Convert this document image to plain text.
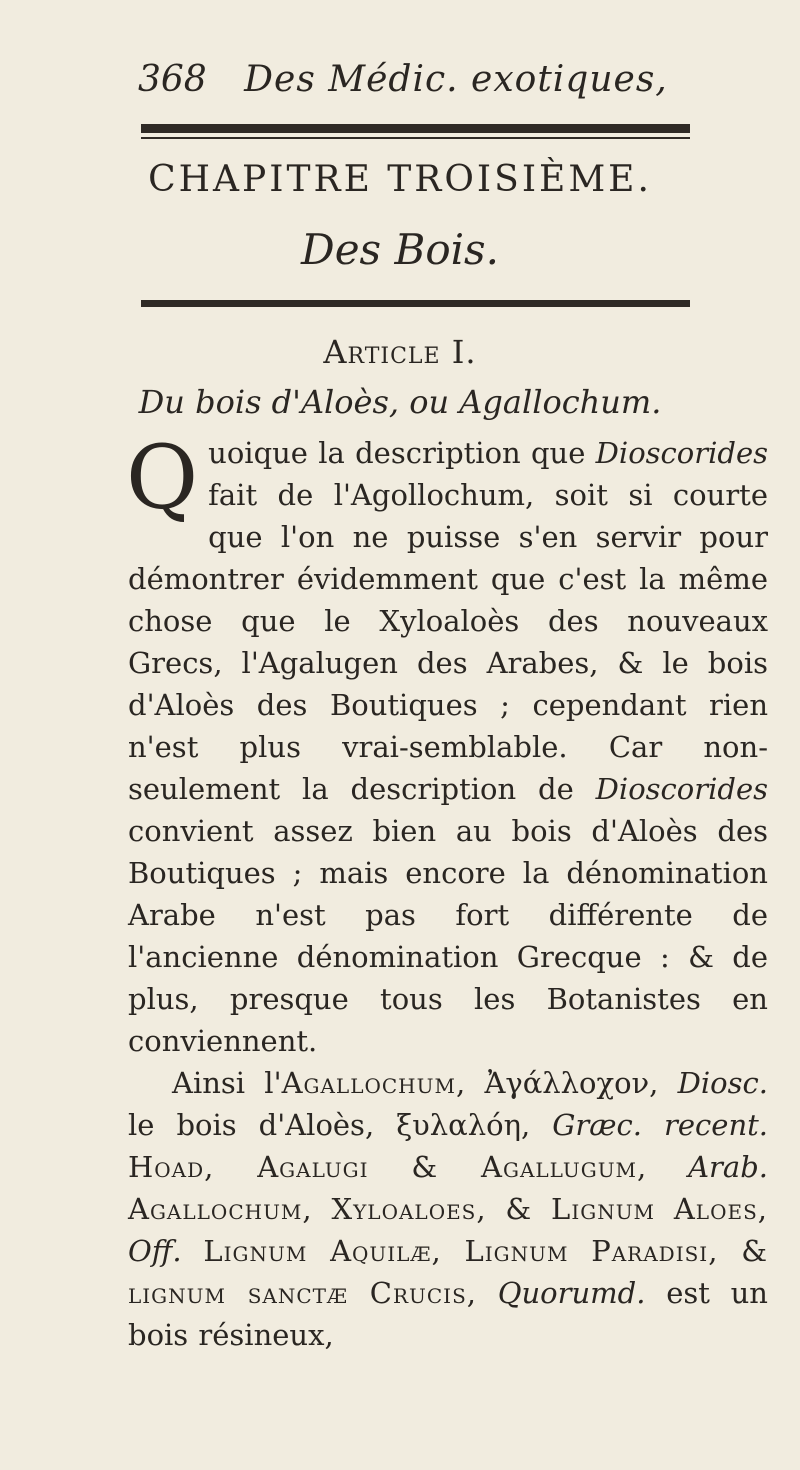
368 Des Médic. exotiques,
CHAPITRE TROISIÈME.
Des Bois.
Article I.
Du bois d'Aloès, ou Agallochum.

Quoique la description que Dioscorides fait de l'Agollochum, soit si courte que l'on ne puisse s'en servir pour démontrer évidemment que c'est la même chose que le Xyloaloès des nouveaux Grecs, l'Agalugen des Arabes, & le bois d'Aloès des Boutiques ; cependant rien n'est plus vrai-semblable. Car non-seulement la description de Dioscorides convient assez bien au bois d'Aloès des Boutiques ; mais encore la dénomination Arabe n'est pas fort différente de l'ancienne dénomination Grecque : & de plus, presque tous les Botanistes en conviennent.

Ainsi l'Agallochum, Ἀγάλλοχον, Diosc. le bois d'Aloès, ξυλαλόη, Græc. recent. Hoad, Agalugi & Agallugum, Arab. Agallochum, Xyloaloes, & Lignum Aloes, Off. Lignum Aquilæ, Lignum Paradisi, & lignum sanctæ Crucis, Quorumd. est un bois résineux,
